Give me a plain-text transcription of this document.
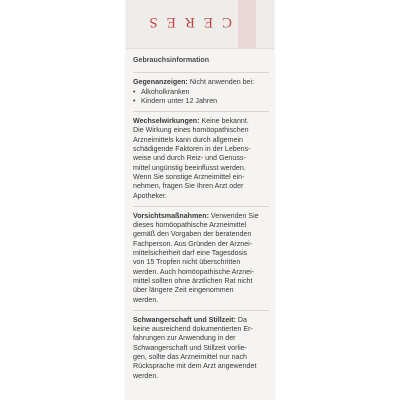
CERES
Gebrauchsinformation
Gegenanzeigen: Nicht anwenden bei:
• Alkoholkranken
• Kindern unter 12 Jahren
Wechselwirkungen: Keine bekannt.
Die Wirkung eines homöopathischen
Arzneimittels kann durch allgemein
schädigende Faktoren in der Lebens-
weise und durch Reiz- und Genuss-
mittel ungünstig beeinflusst werden.
Wenn Sie sonstige Arzneimittel ein-
nehmen, fragen Sie Ihren Arzt oder
Apotheker.
Vorsichtsmaßnahmen: Verwenden Sie
dieses homöopathische Arzneimittel
gemäß den Vorgaben der beratenden
Fachperson. Aus Gründen der Arznei-
mittelsicherheit darf eine Tagesdosis
von 15 Tropfen nicht überschritten
werden. Auch homöopathische Arznei-
mittel sollten ohne ärztlichen Rat nicht
über längere Zeit eingenommen
werden.
Schwangerschaft und Stillzeit: Da
keine ausreichend dokumentierten Er-
fahrungen zur Anwendung in der
Schwangerschaft und Stillzeit vorlie-
gen, sollte das Arzneimittel nur nach
Rücksprache mit dem Arzt angewendet
werden.
